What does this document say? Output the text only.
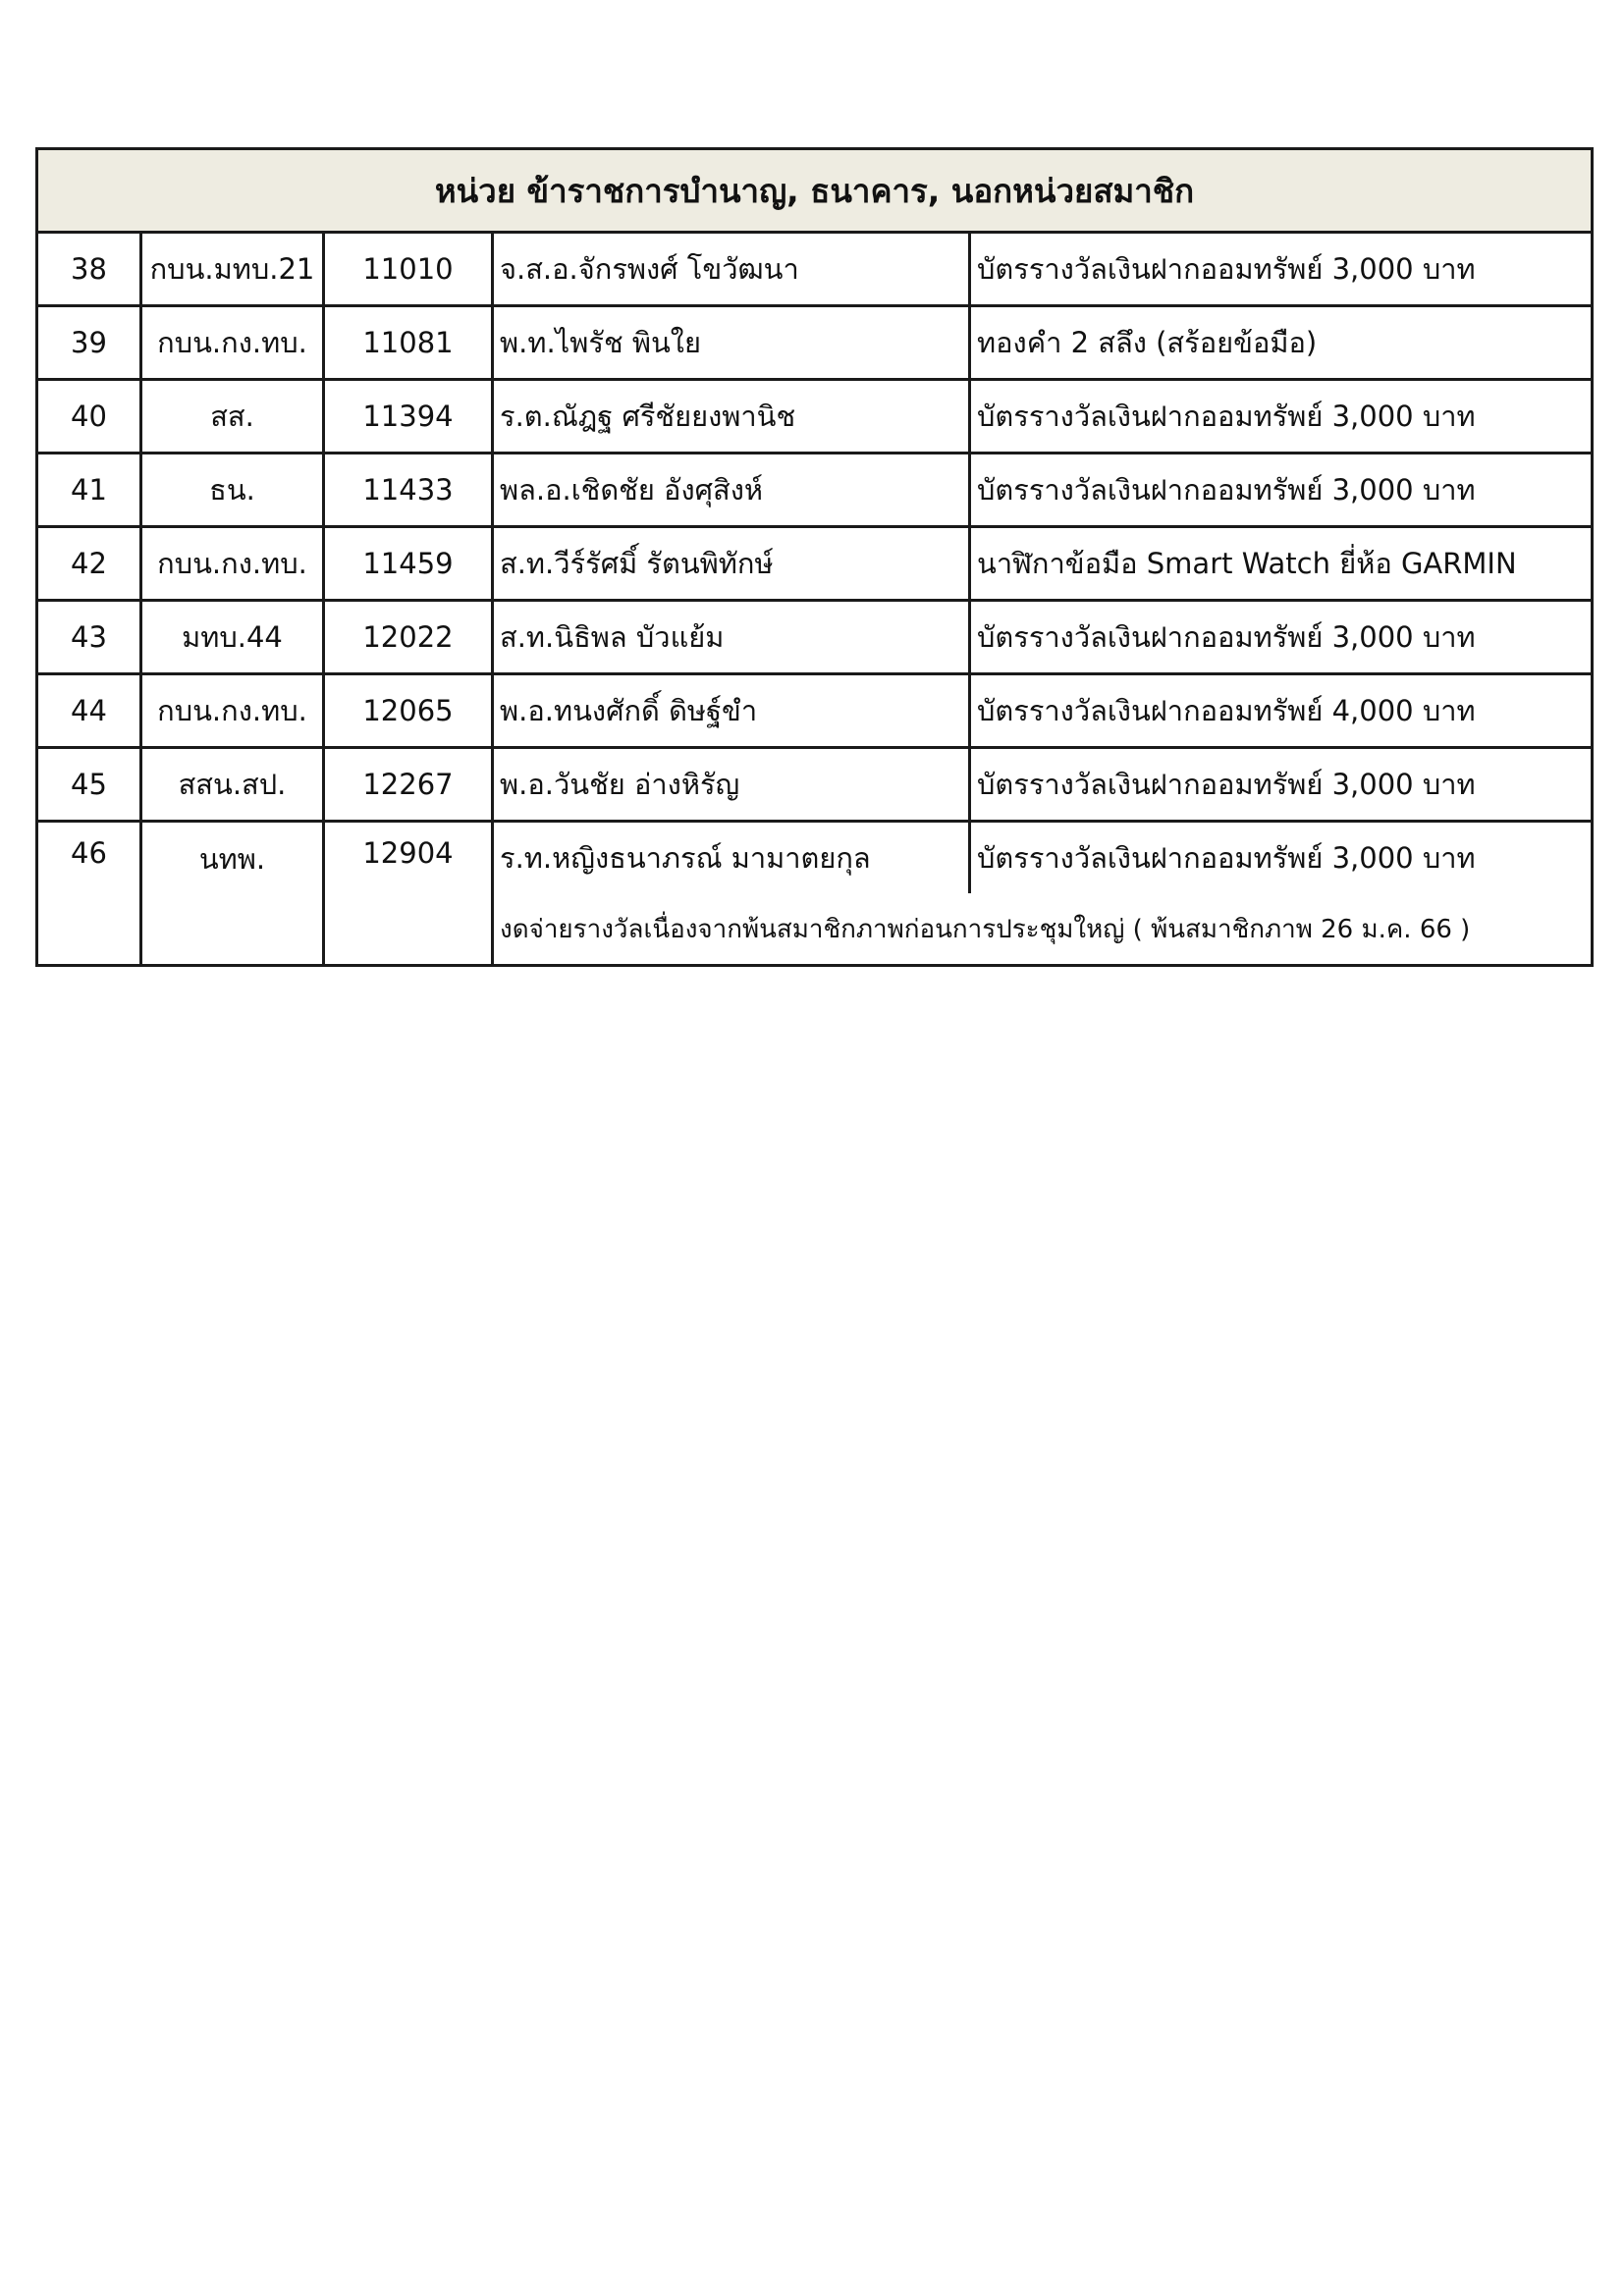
หน่วย ข้าราชการบำนาญ, ธนาคาร, นอกหน่วยสมาชิก				
38	กบน.มทบ.21	11010	จ.ส.อ.จักรพงศ์ โขวัฒนา	บัตรรางวัลเงินฝากออมทรัพย์ 3,000 บาท
39	กบน.กง.ทบ.	11081	พ.ท.ไพรัช พินใย	ทองคำ 2 สลึง (สร้อยข้อมือ)
40	สส.	11394	ร.ต.ณัฎฐ ศรีชัยยงพานิช	บัตรรางวัลเงินฝากออมทรัพย์ 3,000 บาท
41	ธน.	11433	พล.อ.เชิดชัย อังศุสิงห์	บัตรรางวัลเงินฝากออมทรัพย์ 3,000 บาท
42	กบน.กง.ทบ.	11459	ส.ท.วีร์รัศมิ์ รัตนพิทักษ์	นาฬิกาข้อมือ Smart Watch ยี่ห้อ GARMIN
43	มทบ.44	12022	ส.ท.นิธิพล บัวแย้ม	บัตรรางวัลเงินฝากออมทรัพย์ 3,000 บาท
44	กบน.กง.ทบ.	12065	พ.อ.ทนงศักดิ์ ดิษฐ์ขำ	บัตรรางวัลเงินฝากออมทรัพย์ 4,000 บาท
45	สสน.สป.	12267	พ.อ.วันชัย อ่างหิรัญ	บัตรรางวัลเงินฝากออมทรัพย์ 3,000 บาท
46	นทพ.	12904	ร.ท.หญิงธนาภรณ์ มามาตยกุล	บัตรรางวัลเงินฝากออมทรัพย์ 3,000 บาท
			งดจ่ายรางวัลเนื่องจากพ้นสมาชิกภาพก่อนการประชุมใหญ่ ( พ้นสมาชิกภาพ 26 ม.ค. 66 )	
